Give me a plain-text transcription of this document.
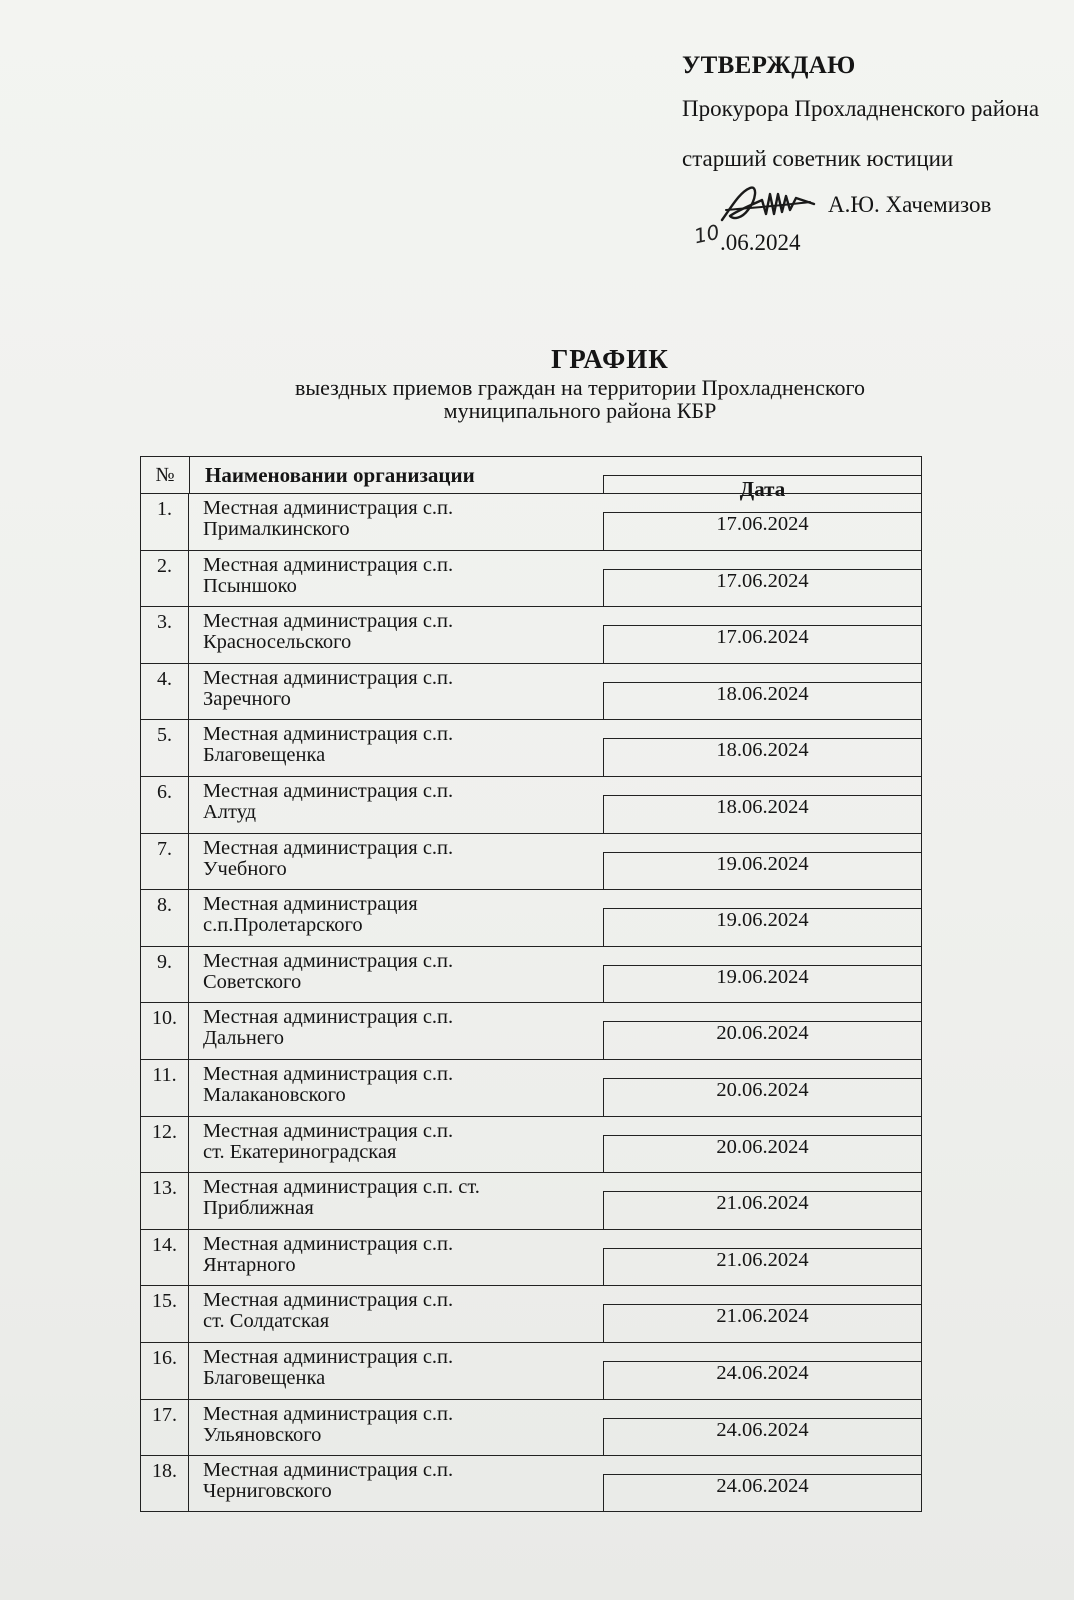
УТВЕРЖДАЮ
Прокурора Прохладненского района
старший советник юстиции
А.Ю. Хачемизов
10
.06.2024
ГРАФИК
выездных приемов граждан на территории Прохладненского
муниципального района КБР
№	Наименовании организации
Дата
1.	Местная администрация с.п.
Прималкинского	17.06.2024
2.	Местная администрация с.п.
Псыншоко	17.06.2024
3.	Местная администрация с.п.
Красносельского	17.06.2024
4.	Местная администрация с.п.
Заречного	18.06.2024
5.	Местная администрация с.п.
Благовещенка	18.06.2024
6.	Местная администрация с.п.
Алтуд	18.06.2024
7.	Местная администрация с.п.
Учебного	19.06.2024
8.	Местная администрация
с.п.Пролетарского	19.06.2024
9.	Местная администрация с.п.
Советского	19.06.2024
10.	Местная администрация с.п.
Дальнего	20.06.2024
11.	Местная администрация с.п.
Малакановского	20.06.2024
12.	Местная администрация с.п.
ст. Екатериноградская	20.06.2024
13.	Местная администрация с.п. ст.
Приближная	21.06.2024
14.	Местная администрация с.п.
Янтарного	21.06.2024
15.	Местная администрация с.п.
ст. Солдатская	21.06.2024
16.	Местная администрация с.п.
Благовещенка	24.06.2024
17.	Местная администрация с.п.
Ульяновского	24.06.2024
18.	Местная администрация с.п.
Черниговского	24.06.2024
